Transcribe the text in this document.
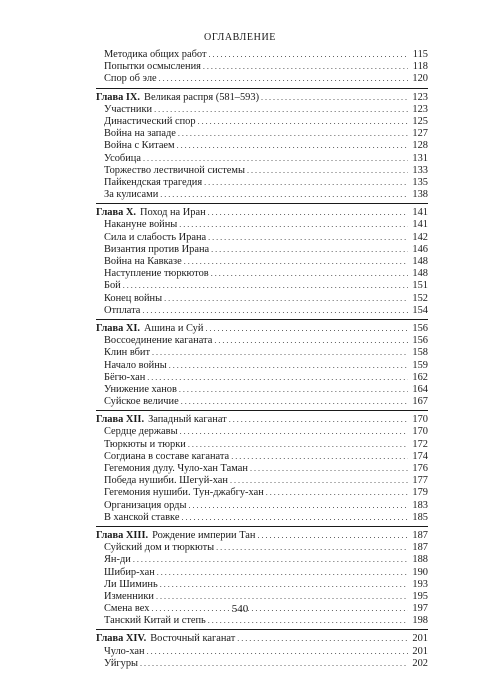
ОГЛАВЛЕНИЕ
Методика общих работ . . .	115
Попытки осмысления . . .	118
Спор об элe . . .	120
Глава IX. Великая распря (581–593) . . .	123
Участники . . .	123
Династический спор . . .	125
Война на западе . . .	127
Война с Китаем . . .	128
Усобица . . .	131
Торжество лествичной системы . . .	133
Пайкендская трагедия . . .	135
За кулисами . . .	138
Глава X. Поход на Иран . . .	141
Накануне войны . . .	141
Сила и слабость Ирана . . .	142
Византия против Ирана . . .	146
Война на Кавказе . . .	148
Наступление тюркютов . . .	148
Бой . . .	151
Конец войны . . .	152
Отплата . . .	154
Глава XI. Ашина и Суй . . .	156
Воссоединение каганата . . .	156
Клин вбит . . .	158
Начало войны . . .	159
Бёгю-хан . . .	162
Унижение ханов . . .	164
Суйское величие . . .	167
Глава XII. Западный каганат . . .	170
Сердце державы . . .	170
Тюркюты и тюрки . . .	172
Согдиана в составе каганата . . .	174
Гегемония дулу. Чуло-хан Таман . . .	176
Победа нушиби. Шегуй-хан . . .	177
Гегемония нушиби. Тун-джабгу-хан . . .	179
Организация орды . . .	183
В ханской ставке . . .	185
Глава XIII. Рождение империи Тан . . .	187
Суйский дом и тюркюты . . .	187
Ян-ди . . .	188
Шибир-хан . . .	190
Ли Шиминь . . .	193
Изменники . . .	195
Смена вех . . .	197
Танский Китай и степь . . .	198
Глава XIV. Восточный каганат . . .	201
Чуло-хан . . .	201
Уйгуры . . .	202
540
